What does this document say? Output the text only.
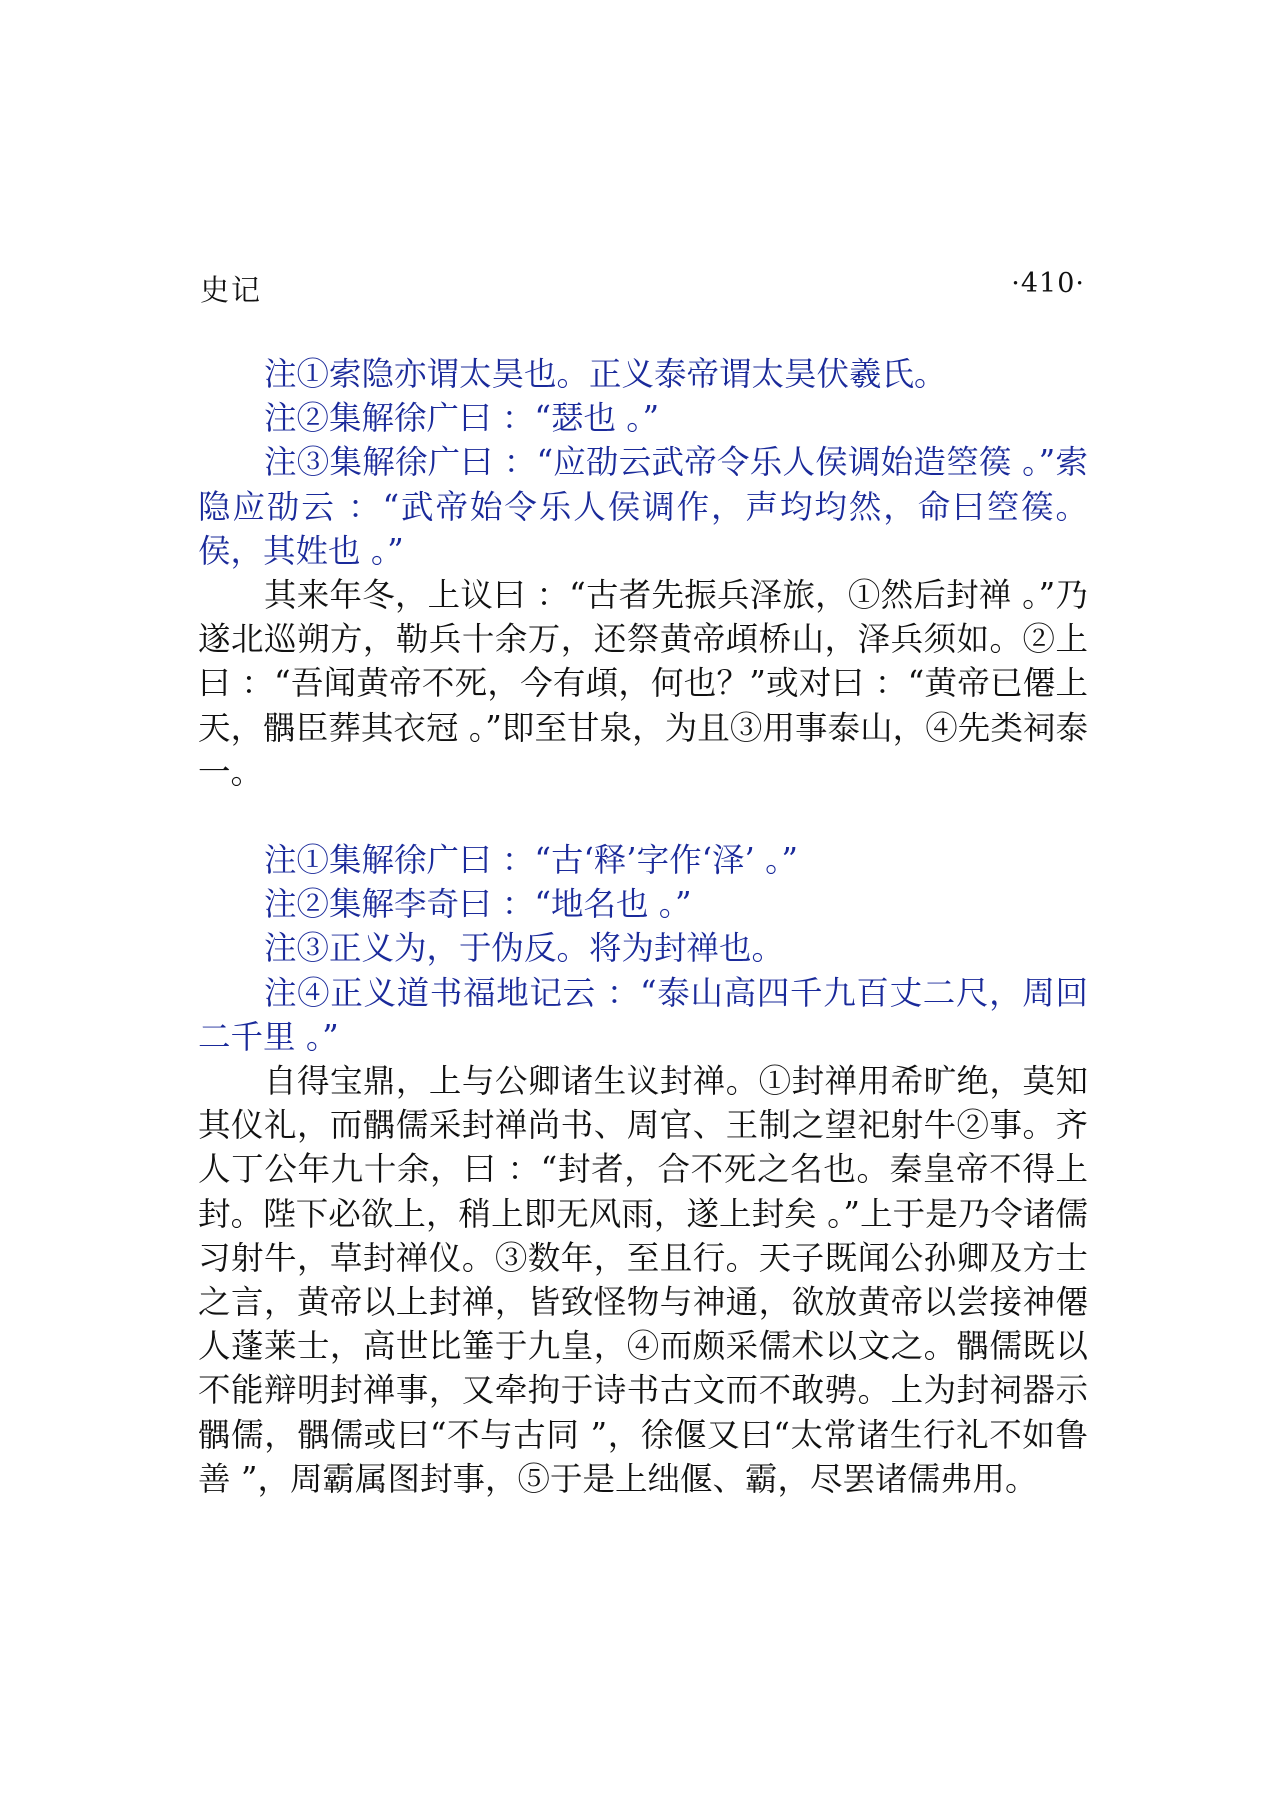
史记	·410·

注①索隐亦谓太昊也。正义泰帝谓太昊伏羲氏。

注②集解徐广曰 ：“瑟也 。”

注③集解徐广曰 ：“应劭云武帝令乐人侯调始造箜篌 。”索隐应劭云 ：“武帝始令乐人侯调作，声均均然，命曰箜篌。侯，其姓也 。”

其来年冬，上议曰 ：“古者先振兵泽旅，①然后封禅 。”乃遂北巡朔方，勒兵十余万，还祭黄帝頉桥山，泽兵须如。②上曰 ：“吾闻黄帝不死，今有頉，何也？”或对曰 ：“黄帝已僊上天，髃臣葬其衣冠 。”即至甘泉，为且③用事泰山，④先类祠泰一。

注①集解徐广曰 ：“古‘释’字作‘泽’ 。”

注②集解李奇曰 ：“地名也 。”

注③正义为，于伪反。将为封禅也。

注④正义道书福地记云 ：“泰山高四千九百丈二尺，周回二千里 。”

自得宝鼎，上与公卿诸生议封禅。①封禅用希旷绝，莫知其仪礼，而髃儒采封禅尚书、周官、王制之望祀射牛②事。齐人丁公年九十余，曰 ：“封者，合不死之名也。秦皇帝不得上封。陛下必欲上，稍上即无风雨，遂上封矣 。”上于是乃令诸儒习射牛，草封禅仪。③数年，至且行。天子既闻公孙卿及方士之言，黄帝以上封禅，皆致怪物与神通，欲放黄帝以尝接神僊人蓬莱士，高世比箠于九皇，④而颇采儒术以文之。髃儒既以不能辩明封禅事，又牵拘于诗书古文而不敢骋。上为封祠器示髃儒，髃儒或曰“不与古同 ”，徐偃又曰“太常诸生行礼不如鲁善 ”，周霸属图封事，⑤于是上绌偃、霸，尽罢诸儒弗用。
